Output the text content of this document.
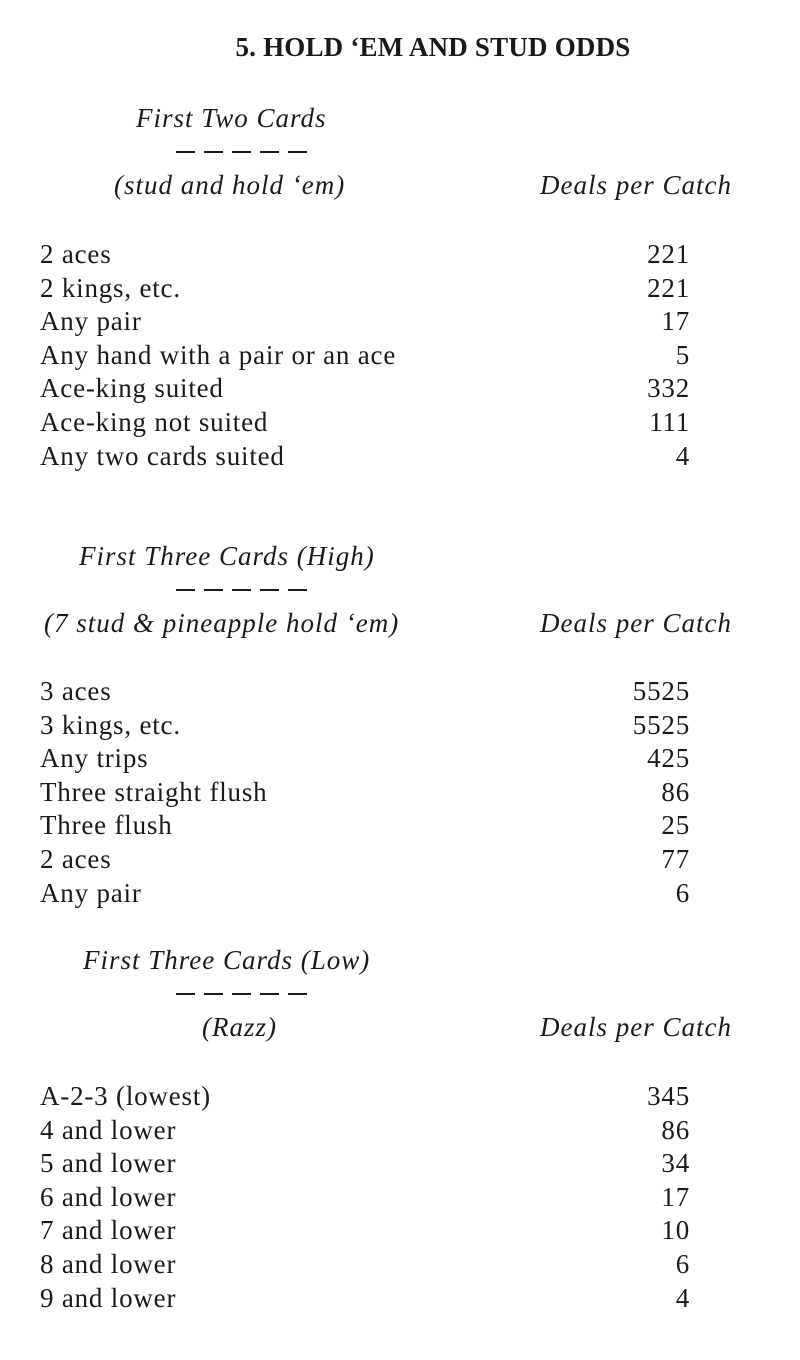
5. HOLD ‘EM AND STUD ODDS
First Two Cards
(stud and hold ‘em)	Deals per Catch
2 aces	221
2 kings, etc.	221
Any pair	17
Any hand with a pair or an ace	5
Ace-king suited	332
Ace-king not suited	111
Any two cards suited	4
First Three Cards (High)
(7 stud & pineapple hold ‘em)	Deals per Catch
3 aces	5525
3 kings, etc.	5525
Any trips	425
Three straight flush	86
Three flush	25
2 aces	77
Any pair	6
First Three Cards (Low)
(Razz)	Deals per Catch
A-2-3 (lowest)	345
4 and lower	86
5 and lower	34
6 and lower	17
7 and lower	10
8 and lower	6
9 and lower	4
